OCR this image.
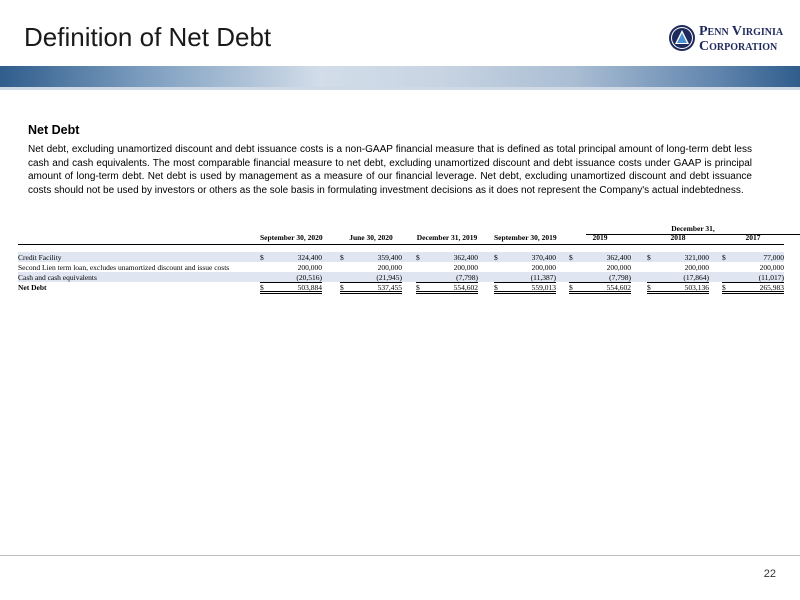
Definition of Net Debt	Penn Virginia
Corporation
Net Debt
Net debt, excluding unamortized discount and debt issuance costs is a non-GAAP financial measure that is defined as total principal amount of long-term debt less cash and cash equivalents. The most comparable financial measure to net debt, excluding unamortized discount and debt issuance costs under GAAP is principal amount of long-term debt. Net debt is used by management as a measure of our financial leverage. Net debt, excluding unamortized discount and debt issuance costs should not be used by investors or others as the sole basis in formulating investment decisions as it does not represent the Company's actual indebtedness.
December 31,
September 30, 2020	June 30, 2020	December 31, 2019 September 30, 2019	2019	2018	2017
Credit Facility	$	324,400 $	359,400 $	362,400 $	370,400 $	362,400 $	321,000 $	77,000
Second Lien term loan, excludes unamortized discount and issue costs	200,000	200,000	200,000	200,000	200,000	200,000	200,000
Cash and cash equivalents	(20,516)	(21,945)	(7,798)	(11,387)	(7,798)	(17,864)	(11,017)
Net Debt	$	503,884 $	537,455 $	554,602 $	559,013 $	554,602 $	503,136 $	265,983
22
